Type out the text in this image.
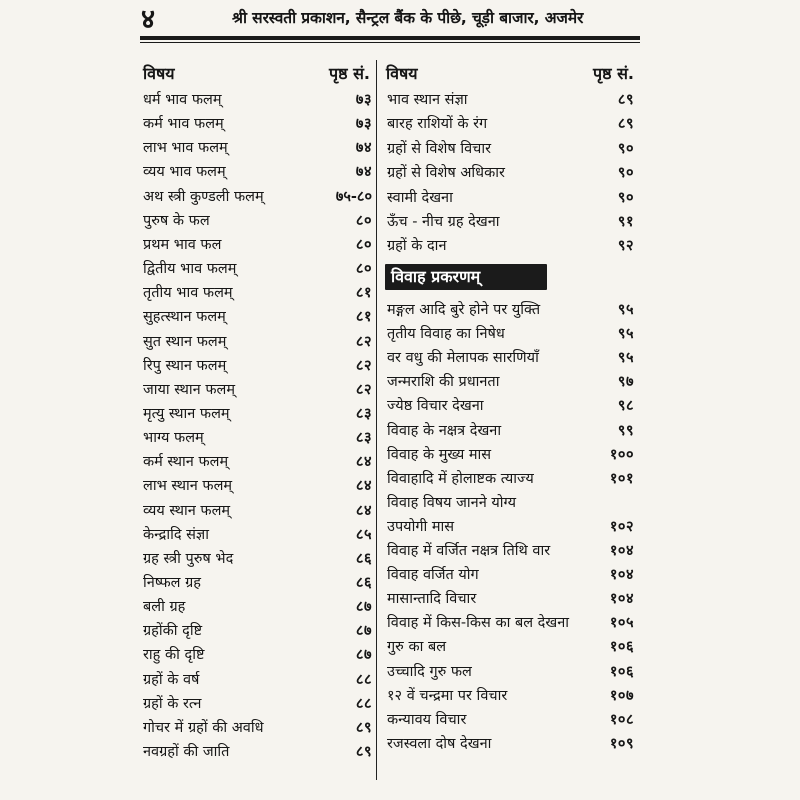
४	श्री सरस्वती प्रकाशन, सैन्ट्रल बैंक के पीछे, चूड़ी बाजार, अजमेर
विषय	पृष्ठ सं. विषय	पृष्ठ सं.
धर्म भाव फलम्	७३
कर्म भाव फलम्	७३
लाभ भाव फलम्	७४
व्यय भाव फलम्	७४
अथ स्त्री कुण्डली फलम्	७५-८०
पुरुष के फल	८०
प्रथम भाव फल	८०
द्वितीय भाव फलम्	८०
तृतीय भाव फलम्	८१
सुहत्स्थान फलम्	८१
सुत स्थान फलम्	८२
रिपु स्थान फलम्	८२
जाया स्थान फलम्	८२
मृत्यु स्थान फलम्	८३
भाग्य फलम्	८३
कर्म स्थान फलम्	८४
लाभ स्थान फलम्	८४
व्यय स्थान फलम्	८४
केन्द्रादि संज्ञा	८५
ग्रह स्त्री पुरुष भेद	८६
निष्फल ग्रह	८६
बली ग्रह	८७
ग्रहोंकी दृष्टि	८७
राहु की दृष्टि	८७
ग्रहों के वर्ष	८८
ग्रहों के रत्न	८८
गोचर में ग्रहों की अवधि	८९
नवग्रहों की जाति	८९
भाव स्थान संज्ञा	८९
बारह राशियों के रंग	८९
ग्रहों से विशेष विचार	९०
ग्रहों से विशेष अधिकार	९०
स्वामी देखना	९०
ऊँच - नीच ग्रह देखना	९१
ग्रहों के दान	९२
विवाह प्रकरणम्
मङ्गल आदि बुरे होने पर युक्ति	९५
तृतीय विवाह का निषेध	९५
वर वधु की मेलापक सारणियाँ	९५
जन्मराशि की प्रधानता	९७
ज्येष्ठ विचार देखना	९८
विवाह के नक्षत्र देखना	९९
विवाह के मुख्य मास	१००
विवाहादि में होलाष्टक त्याज्य	१०१
विवाह विषय जानने योग्य
उपयोगी मास	१०२
विवाह में वर्जित नक्षत्र तिथि वार	१०४
विवाह वर्जित योग	१०४
मासान्तादि विचार	१०४
विवाह में किस-किस का बल देखना	१०५
गुरु का बल	१०६
उच्चादि गुरु फल	१०६
१२ वें चन्द्रमा पर विचार	१०७
कन्यावय विचार	१०८
रजस्वला दोष देखना	१०९
